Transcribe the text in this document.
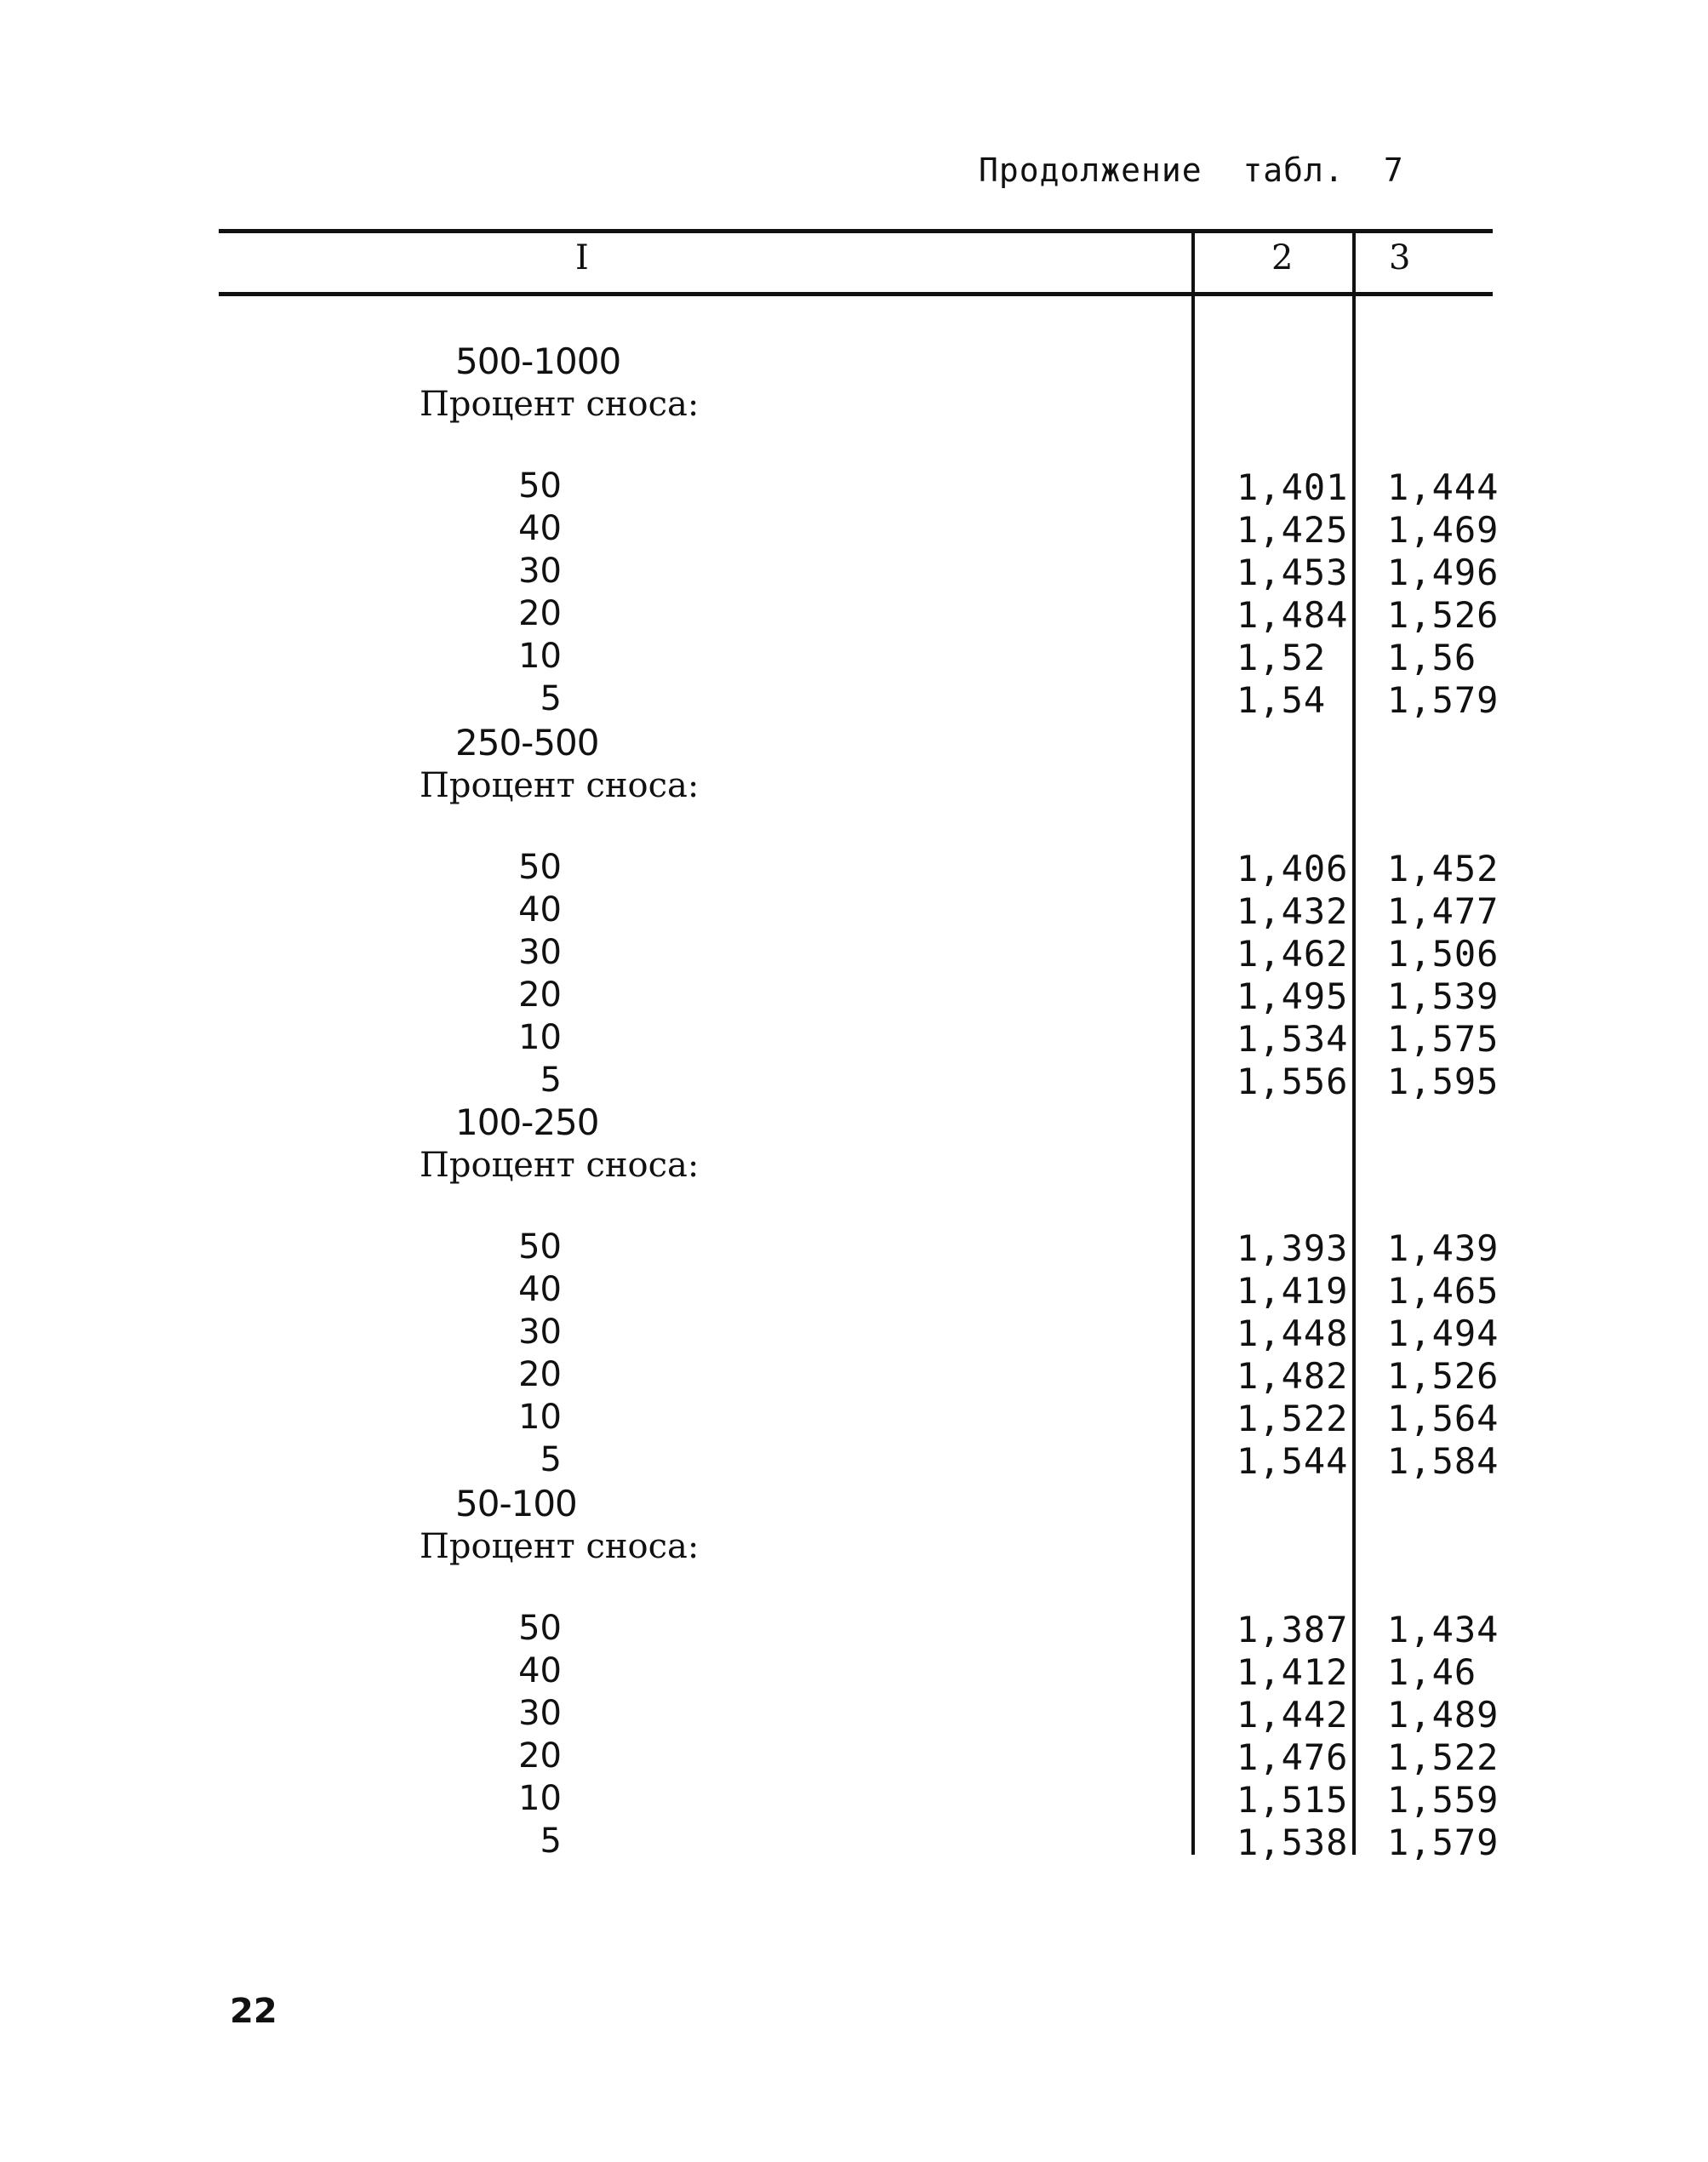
Продолжение  табл. 7
I	2	3
500-1000
Процент сноса:
50	1,401 1,444
40	1,425 1,469
30	1,453 1,496
20	1,484 1,526
10	1,52 1,56
5	1,54 1,579
250-500
Процент сноса:
50	1,406 1,452
40	1,432 1,477
30	1,462 1,506
20	1,495 1,539
10	1,534 1,575
5	1,556 1,595
100-250
Процент сноса:
50	1,393 1,439
40	1,419 1,465
30	1,448 1,494
20	1,482 1,526
10	1,522 1,564
5	1,544 1,584
50-100
Процент сноса:
50	1,387 1,434
40	1,412 1,46
30	1,442 1,489
20	1,476 1,522
10	1,515 1,559
5	1,538 1,579
22
